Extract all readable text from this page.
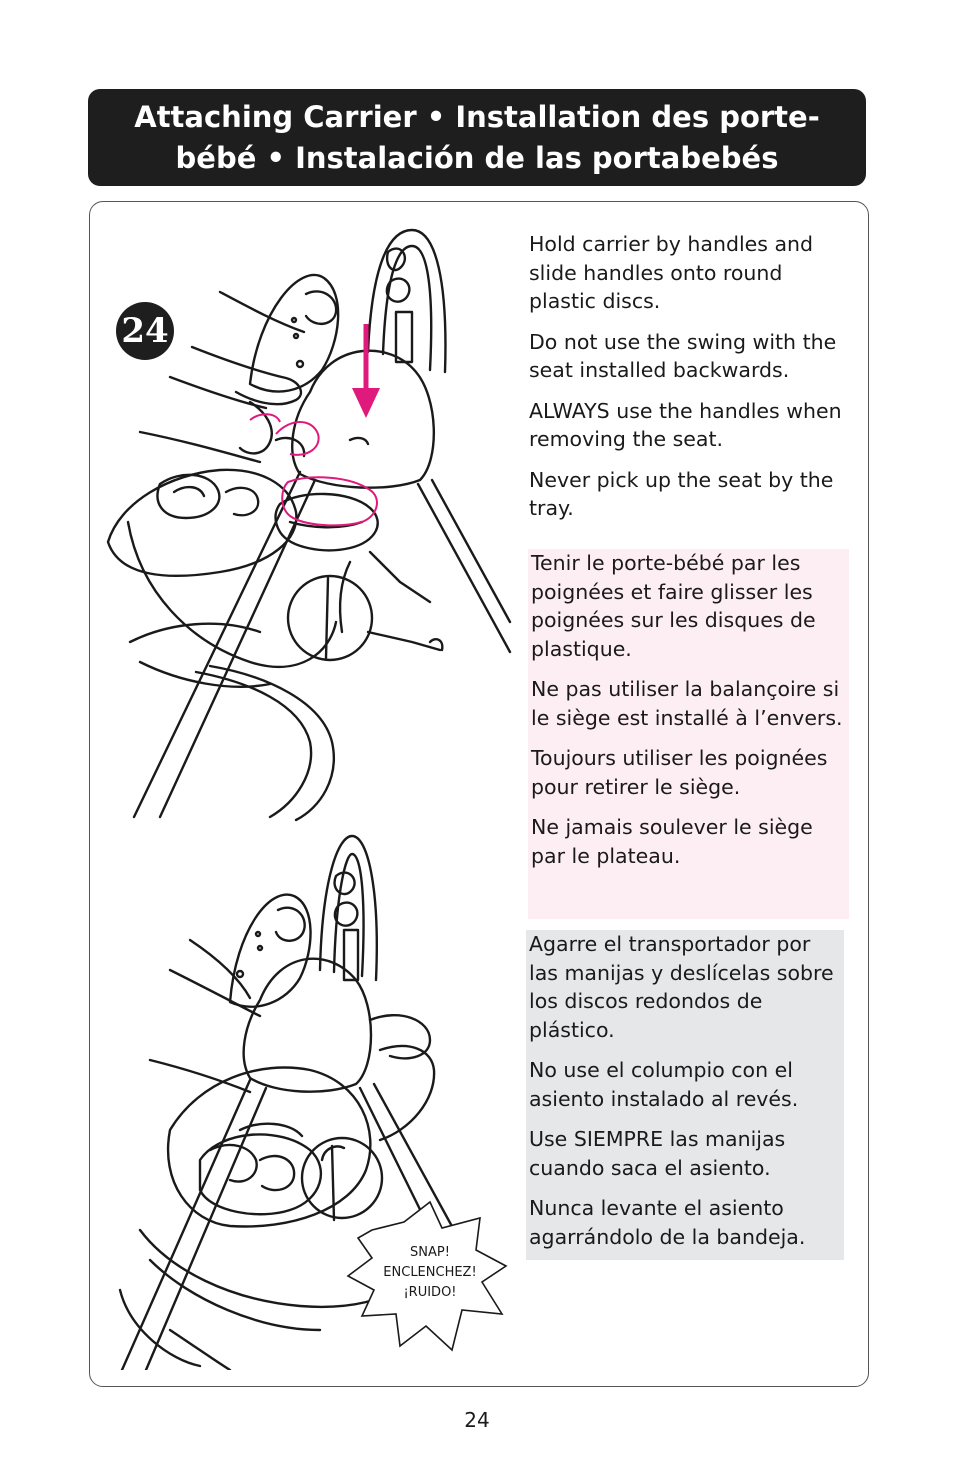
Attaching Carrier • Installation des porte-
bébé • Instalación de las portabebés
24
SNAP!
ENCLENCHEZ!
¡RUIDO!

Hold carrier by handles and slide handles onto round plastic discs.

Do not use the swing with the seat installed backwards.

ALWAYS use the handles when removing the seat.

Never pick up the seat by the tray.

Tenir le porte-bébé par les poignées et faire glisser les poignées sur les disques de plastique.

Ne pas utiliser la balançoire si le siège est installé à l’envers.

Toujours utiliser les poignées pour retirer le siège.

Ne jamais soulever le siège par le plateau.

Agarre el transportador por las manijas y deslícelas sobre los discos redondos de plástico.

No use el columpio con el asiento instalado al revés.

Use SIEMPRE las manijas cuando saca el asiento.

Nunca levante el asiento agarrándolo de la bandeja.

24
